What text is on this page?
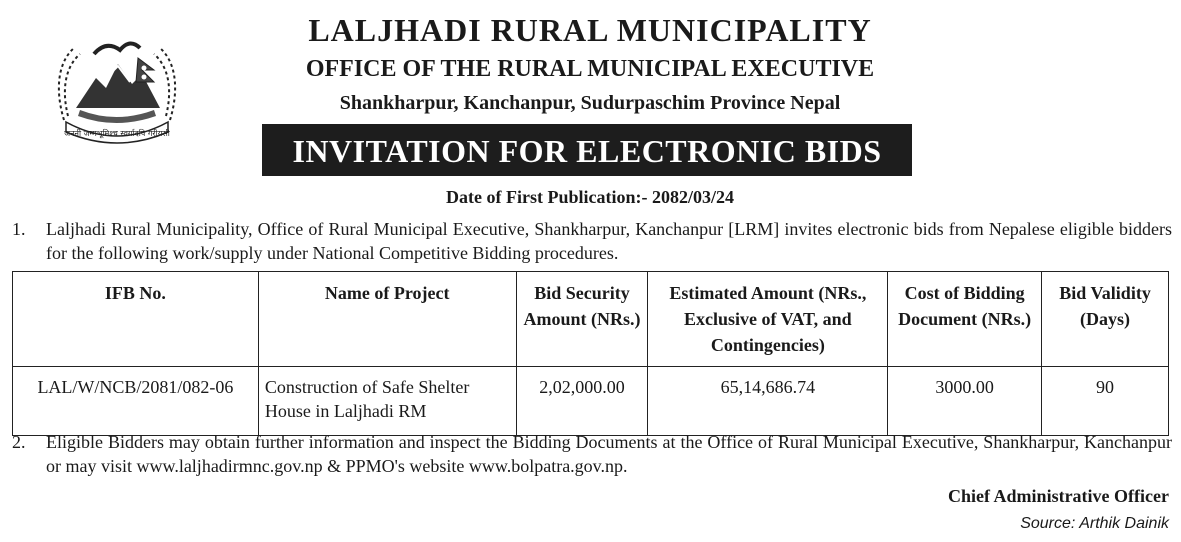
जननी जन्मभूमिश्च स्वर्गादपि गरीयसी
LALJHADI RURAL MUNICIPALITY
OFFICE OF THE RURAL MUNICIPAL EXECUTIVE
Shankharpur, Kanchanpur, Sudurpaschim Province Nepal
INVITATION FOR ELECTRONIC BIDS
Date of First Publication:- 2082/03/24
1.	Laljhadi Rural Municipality, Office of Rural Municipal Executive, Shankharpur, Kanchanpur [LRM] invites electronic bids from Nepalese eligible bidders for the following work/supply under National Competitive Bidding procedures.
IFB No.	Name of Project	Bid Security Amount (NRs.)	Estimated Amount (NRs., Exclusive of VAT, and Contingencies)	Cost of Bidding Document (NRs.)	Bid Validity (Days)
LAL/W/NCB/2081/082-06	Construction of Safe Shelter House in Laljhadi RM	2,02,000.00	65,14,686.74	3000.00	90
2.	Eligible Bidders may obtain further information and inspect the Bidding Documents at the Office of Rural Municipal Executive, Shankharpur, Kanchanpur or may visit www.laljhadirmnc.gov.np & PPMO's website www.bolpatra.gov.np.
Chief Administrative Officer
Source: Arthik Dainik
